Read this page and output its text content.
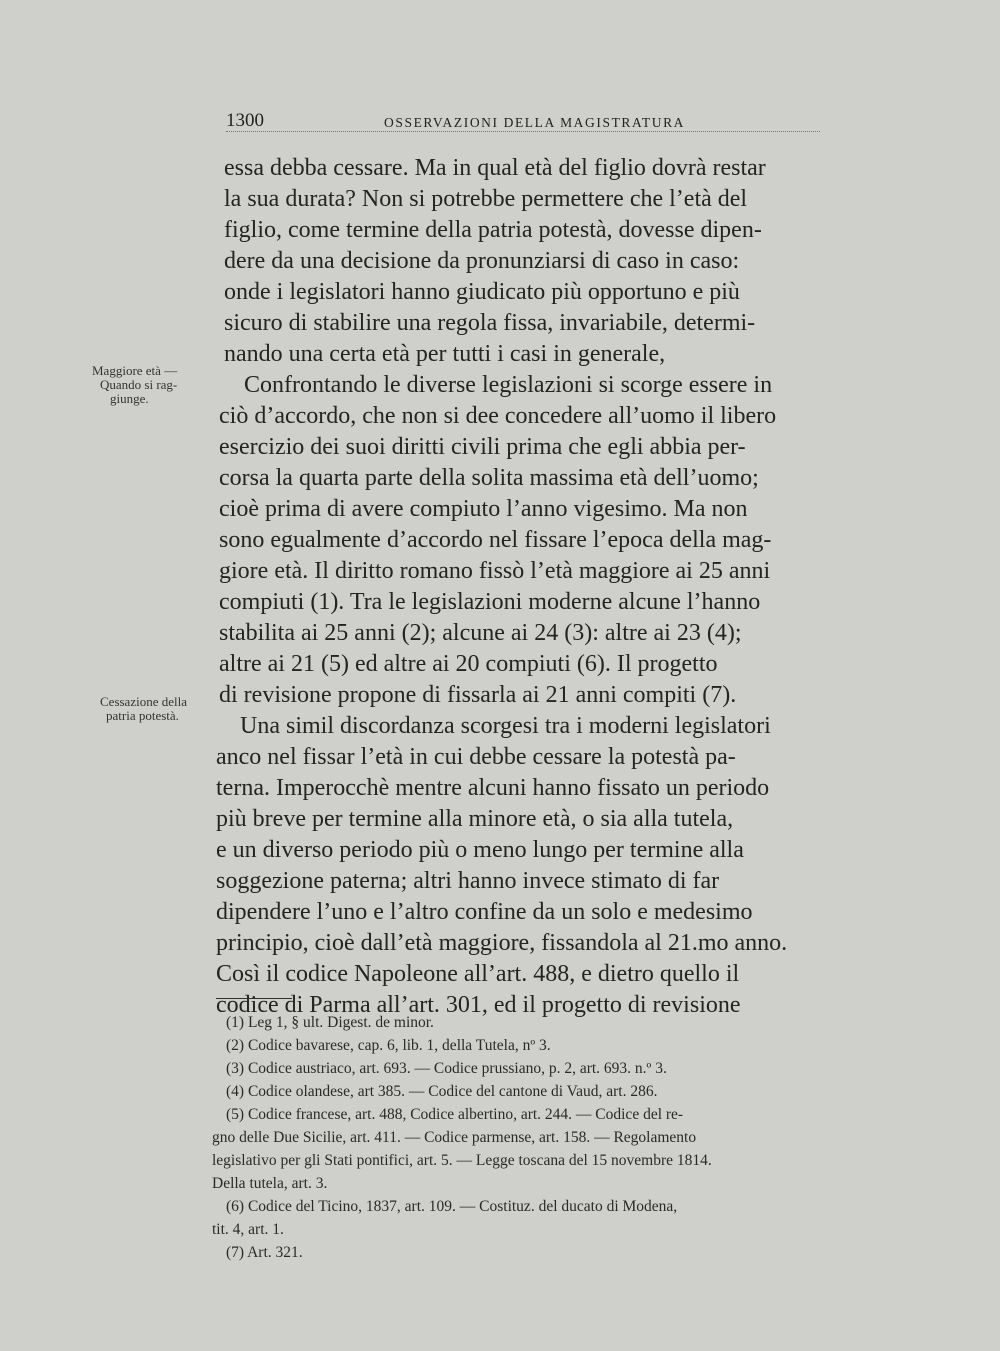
1300	OSSERVAZIONI DELLA MAGISTRATURA
Maggiore età —
Quando si rag-
giunge.
Cessazione della
patria potestà.
essa debba cessare. Ma in qual età del figlio dovrà restar
la sua durata? Non si potrebbe permettere che l’età del
figlio, come termine della patria potestà, dovesse dipen-
dere da una decisione da pronunziarsi di caso in caso:
onde i legislatori hanno giudicato più opportuno e più
sicuro di stabilire una regola fissa, invariabile, determi-
nando una certa età per tutti i casi in generale,
Confrontando le diverse legislazioni si scorge essere in
ciò d’accordo, che non si dee concedere all’uomo il libero
esercizio dei suoi diritti civili prima che egli abbia per-
corsa la quarta parte della solita massima età dell’uomo;
cioè prima di avere compiuto l’anno vigesimo. Ma non
sono egualmente d’accordo nel fissare l’epoca della mag-
giore età. Il diritto romano fissò l’età maggiore ai 25 anni
compiuti (1). Tra le legislazioni moderne alcune l’hanno
stabilita ai 25 anni (2); alcune ai 24 (3): altre ai 23 (4);
altre ai 21 (5) ed altre ai 20 compiuti (6). Il progetto
di revisione propone di fissarla ai 21 anni compiti (7).
Una simil discordanza scorgesi tra i moderni legislatori
anco nel fissar l’età in cui debbe cessare la potestà pa-
terna. Imperocchè mentre alcuni hanno fissato un periodo
più breve per termine alla minore età, o sia alla tutela,
e un diverso periodo più o meno lungo per termine alla
soggezione paterna; altri hanno invece stimato di far
dipendere l’uno e l’altro confine da un solo e medesimo
principio, cioè dall’età maggiore, fissandola al 21.mo anno.
Così il codice Napoleone all’art. 488, e dietro quello il
codice di Parma all’art. 301, ed il progetto di revisione
(1) Leg 1, § ult. Digest. de minor.
(2) Codice bavarese, cap. 6, lib. 1, della Tutela, nº 3.
(3) Codice austriaco, art. 693. — Codice prussiano, p. 2, art. 693. n.º 3.
(4) Codice olandese, art 385. — Codice del cantone di Vaud, art. 286.
(5) Codice francese, art. 488, Codice albertino, art. 244. — Codice del re-
gno delle Due Sicilie, art. 411. — Codice parmense, art. 158. — Regolamento
legislativo per gli Stati pontifici, art. 5. — Legge toscana del 15 novembre 1814.
Della tutela, art. 3.
(6) Codice del Ticino, 1837, art. 109. — Costituz. del ducato di Modena,
tit. 4, art. 1.
(7) Art. 321.
